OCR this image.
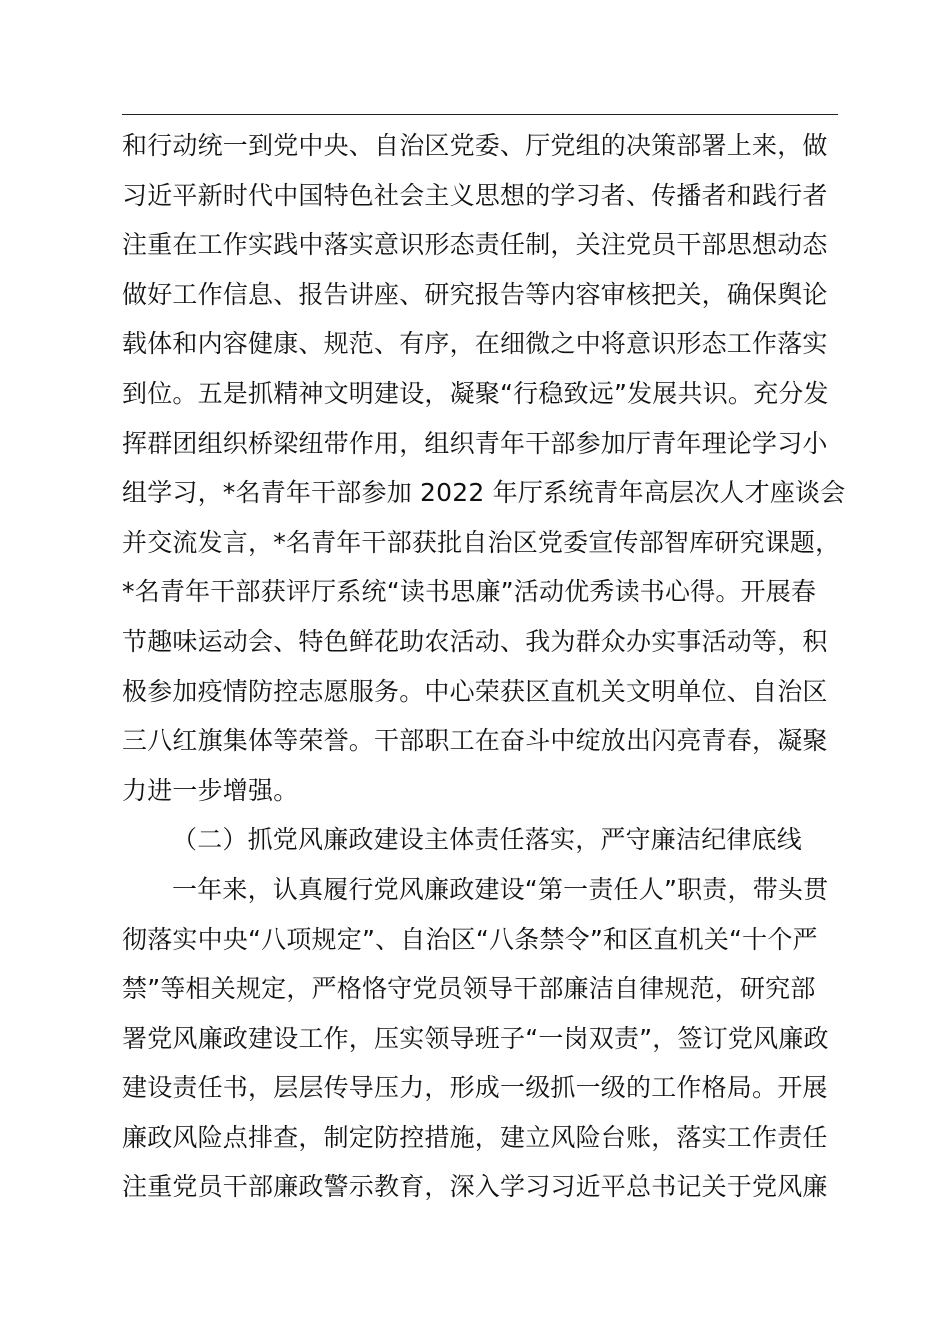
和行动统一到党中央、自治区党委、厅党组的决策部署上来，做
习近平新时代中国特色社会主义思想的学习者、传播者和践行者
注重在工作实践中落实意识形态责任制，关注党员干部思想动态
做好工作信息、报告讲座、研究报告等内容审核把关，确保舆论
载体和内容健康、规范、有序，在细微之中将意识形态工作落实
到位。五是抓精神文明建设，凝聚“行稳致远”发展共识。充分发
挥群团组织桥梁纽带作用，组织青年干部参加厅青年理论学习小
组学习，*名青年干部参加 2022 年厅系统青年高层次人才座谈会
并交流发言，*名青年干部获批自治区党委宣传部智库研究课题，
*名青年干部获评厅系统“读书思廉”活动优秀读书心得。开展春
节趣味运动会、特色鲜花助农活动、我为群众办实事活动等，积
极参加疫情防控志愿服务。中心荣获区直机关文明单位、自治区
三八红旗集体等荣誉。干部职工在奋斗中绽放出闪亮青春，凝聚
力进一步增强。
（二）抓党风廉政建设主体责任落实，严守廉洁纪律底线
一年来，认真履行党风廉政建设“第一责任人”职责，带头贯
彻落实中央“八项规定”、自治区“八条禁令”和区直机关“十个严
禁”等相关规定，严格恪守党员领导干部廉洁自律规范，研究部
署党风廉政建设工作，压实领导班子“一岗双责”，签订党风廉政
建设责任书，层层传导压力，形成一级抓一级的工作格局。开展
廉政风险点排查，制定防控措施，建立风险台账，落实工作责任
注重党员干部廉政警示教育，深入学习习近平总书记关于党风廉
